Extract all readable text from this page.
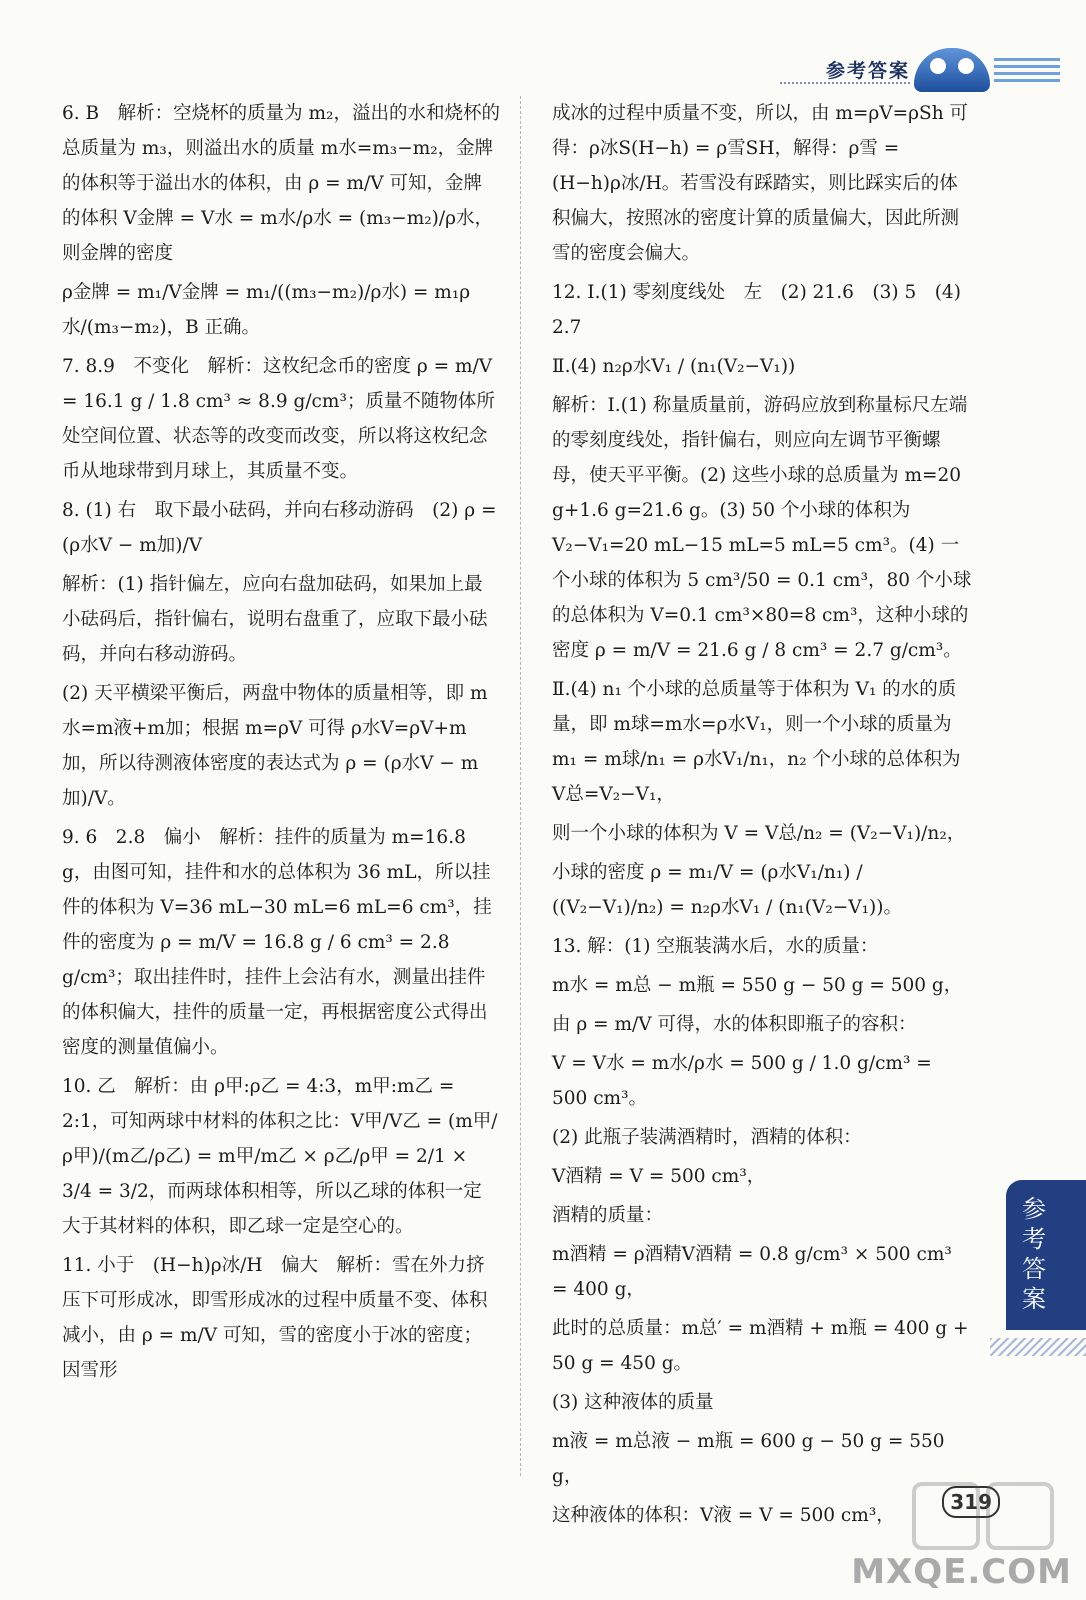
参考答案

6. B　解析：空烧杯的质量为 m₂，溢出的水和烧杯的总质量为 m₃，则溢出水的质量 m水=m₃−m₂，金牌的体积等于溢出水的体积，由 ρ = m/V 可知，金牌的体积 V金牌 = V水 = m水/ρ水 = (m₃−m₂)/ρ水，则金牌的密度

ρ金牌 = m₁/V金牌 = m₁/((m₃−m₂)/ρ水) = m₁ρ水/(m₃−m₂)，B 正确。

7. 8.9　不变化　解析：这枚纪念币的密度 ρ = m/V = 16.1 g / 1.8 cm³ ≈ 8.9 g/cm³；质量不随物体所处空间位置、状态等的改变而改变，所以将这枚纪念币从地球带到月球上，其质量不变。

8. (1) 右　取下最小砝码，并向右移动游码　(2) ρ = (ρ水V − m加)/V

解析：(1) 指针偏左，应向右盘加砝码，如果加上最小砝码后，指针偏右，说明右盘重了，应取下最小砝码，并向右移动游码。

(2) 天平横梁平衡后，两盘中物体的质量相等，即 m水=m液+m加；根据 m=ρV 可得 ρ水V=ρV+m加，所以待测液体密度的表达式为 ρ = (ρ水V − m加)/V。

9. 6　2.8　偏小　解析：挂件的质量为 m=16.8 g，由图可知，挂件和水的总体积为 36 mL，所以挂件的体积为 V=36 mL−30 mL=6 mL=6 cm³，挂件的密度为 ρ = m/V = 16.8 g / 6 cm³ = 2.8 g/cm³；取出挂件时，挂件上会沾有水，测量出挂件的体积偏大，挂件的质量一定，再根据密度公式得出密度的测量值偏小。

10. 乙　解析：由 ρ甲:ρ乙 = 4:3，m甲:m乙 = 2:1，可知两球中材料的体积之比：V甲/V乙 = (m甲/ρ甲)/(m乙/ρ乙) = m甲/m乙 × ρ乙/ρ甲 = 2/1 × 3/4 = 3/2，而两球体积相等，所以乙球的体积一定大于其材料的体积，即乙球一定是空心的。

11. 小于　(H−h)ρ冰/H　偏大　解析：雪在外力挤压下可形成冰，即雪形成冰的过程中质量不变、体积减小，由 ρ = m/V 可知，雪的密度小于冰的密度；因雪形

成冰的过程中质量不变，所以，由 m=ρV=ρSh 可得：ρ冰S(H−h) = ρ雪SH，解得：ρ雪 = (H−h)ρ冰/H。若雪没有踩踏实，则比踩实后的体积偏大，按照冰的密度计算的质量偏大，因此所测雪的密度会偏大。

12. Ⅰ.(1) 零刻度线处　左　(2) 21.6　(3) 5　(4) 2.7

Ⅱ.(4) n₂ρ水V₁ / (n₁(V₂−V₁))

解析：Ⅰ.(1) 称量质量前，游码应放到称量标尺左端的零刻度线处，指针偏右，则应向左调节平衡螺母，使天平平衡。(2) 这些小球的总质量为 m=20 g+1.6 g=21.6 g。(3) 50 个小球的体积为 V₂−V₁=20 mL−15 mL=5 mL=5 cm³。(4) 一个小球的体积为 5 cm³/50 = 0.1 cm³，80 个小球的总体积为 V=0.1 cm³×80=8 cm³，这种小球的密度 ρ = m/V = 21.6 g / 8 cm³ = 2.7 g/cm³。

Ⅱ.(4) n₁ 个小球的总质量等于体积为 V₁ 的水的质量，即 m球=m水=ρ水V₁，则一个小球的质量为 m₁ = m球/n₁ = ρ水V₁/n₁，n₂ 个小球的总体积为 V总=V₂−V₁，

则一个小球的体积为 V = V总/n₂ = (V₂−V₁)/n₂，

小球的密度 ρ = m₁/V = (ρ水V₁/n₁) / ((V₂−V₁)/n₂) = n₂ρ水V₁ / (n₁(V₂−V₁))。

13. 解：(1) 空瓶装满水后，水的质量：

m水 = m总 − m瓶 = 550 g − 50 g = 500 g，

由 ρ = m/V 可得，水的体积即瓶子的容积：

V = V水 = m水/ρ水 = 500 g / 1.0 g/cm³ = 500 cm³。

(2) 此瓶子装满酒精时，酒精的体积：

V酒精 = V = 500 cm³，

酒精的质量：

m酒精 = ρ酒精V酒精 = 0.8 g/cm³ × 500 cm³ = 400 g，

此时的总质量：m总′ = m酒精 + m瓶 = 400 g + 50 g = 450 g。

(3) 这种液体的质量

m液 = m总液 − m瓶 = 600 g − 50 g = 550 g，

这种液体的体积：V液 = V = 500 cm³，

参考答案
319
MXQE.COM
